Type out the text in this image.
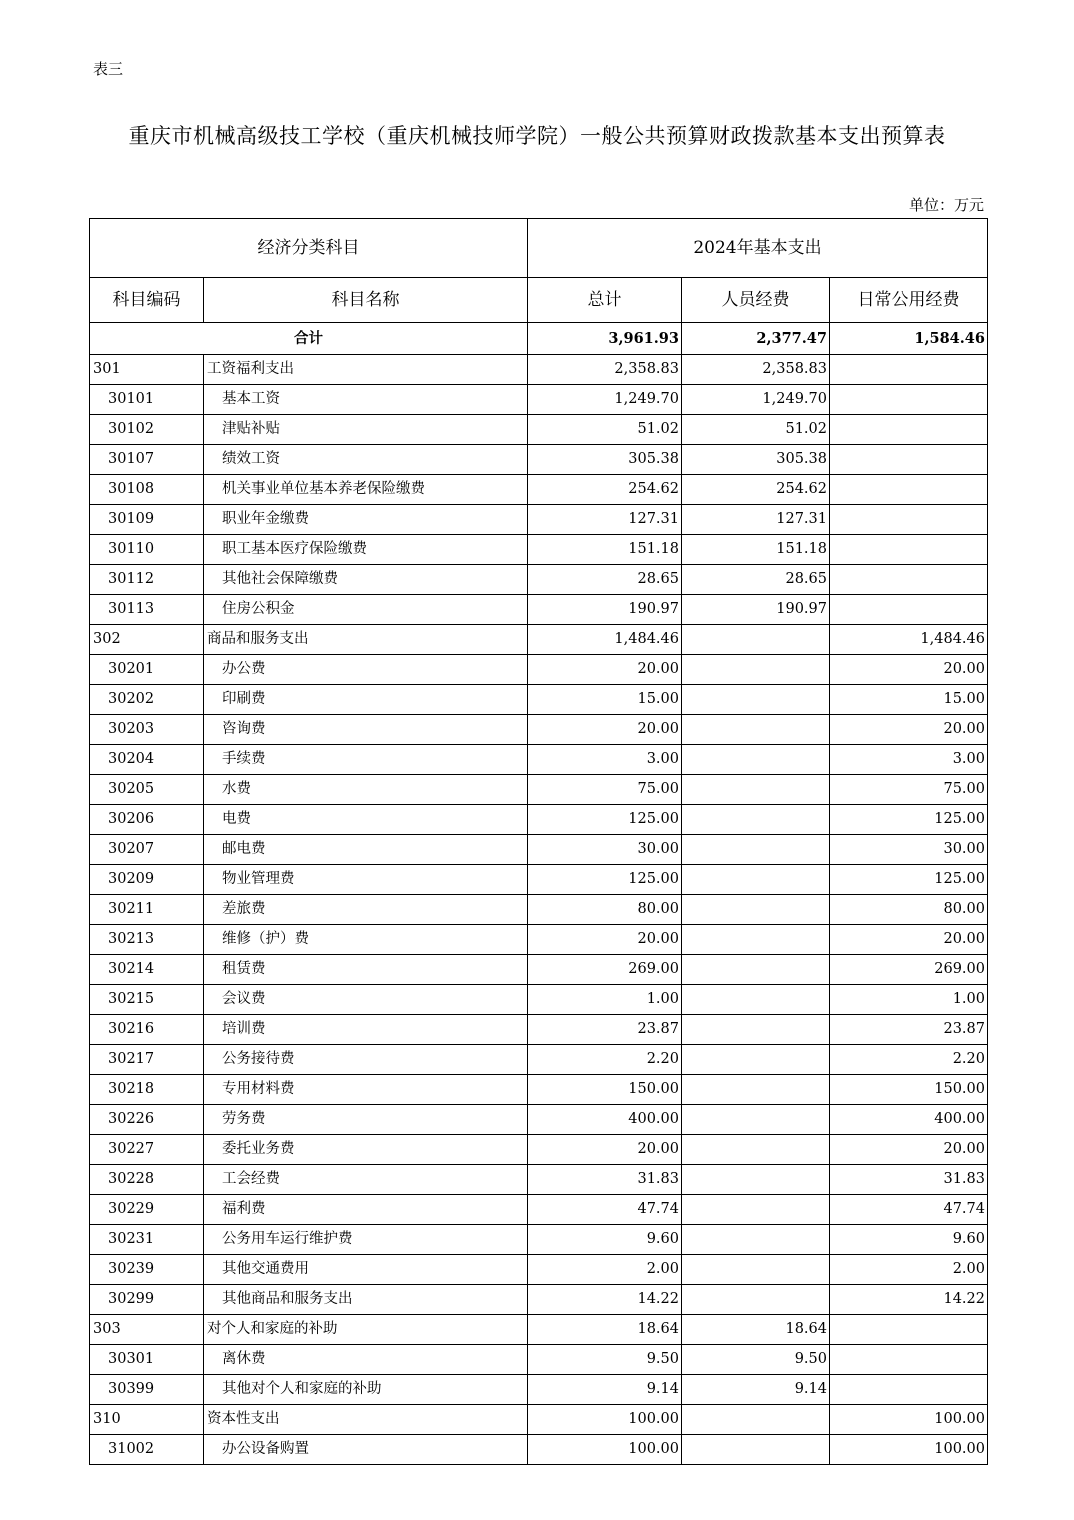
表三
重庆市机械高级技工学校（重庆机械技师学院）一般公共预算财政拨款基本支出预算表
单位：万元
经济分类科目		2024年基本支出		
科目编码	科目名称	总计	人员经费	日常公用经费
合计		3,961.93	2,377.47	1,584.46
301	工资福利支出	2,358.83	2,358.83	
30101	基本工资	1,249.70	1,249.70	
30102	津贴补贴	51.02	51.02	
30107	绩效工资	305.38	305.38	
30108	机关事业单位基本养老保险缴费	254.62	254.62	
30109	职业年金缴费	127.31	127.31	
30110	职工基本医疗保险缴费	151.18	151.18	
30112	其他社会保障缴费	28.65	28.65	
30113	住房公积金	190.97	190.97	
302	商品和服务支出	1,484.46		1,484.46
30201	办公费	20.00		20.00
30202	印刷费	15.00		15.00
30203	咨询费	20.00		20.00
30204	手续费	3.00		3.00
30205	水费	75.00		75.00
30206	电费	125.00		125.00
30207	邮电费	30.00		30.00
30209	物业管理费	125.00		125.00
30211	差旅费	80.00		80.00
30213	维修（护）费	20.00		20.00
30214	租赁费	269.00		269.00
30215	会议费	1.00		1.00
30216	培训费	23.87		23.87
30217	公务接待费	2.20		2.20
30218	专用材料费	150.00		150.00
30226	劳务费	400.00		400.00
30227	委托业务费	20.00		20.00
30228	工会经费	31.83		31.83
30229	福利费	47.74		47.74
30231	公务用车运行维护费	9.60		9.60
30239	其他交通费用	2.00		2.00
30299	其他商品和服务支出	14.22		14.22
303	对个人和家庭的补助	18.64	18.64	
30301	离休费	9.50	9.50	
30399	其他对个人和家庭的补助	9.14	9.14	
310	资本性支出	100.00		100.00
31002	办公设备购置	100.00		100.00
